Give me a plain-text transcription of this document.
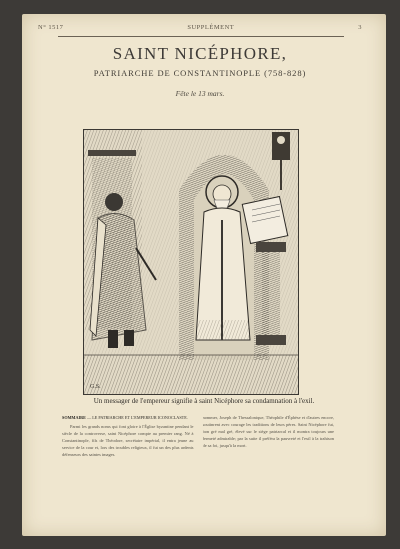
N° 1517	SUPPLÉMENT	3
SAINT NICÉPHORE,
PATRIARCHE DE CONSTANTINOPLE (758-828)
Fête le 13 mars.
G.S.
Un messager de l'empereur signifie à saint Nicéphore sa condamnation à l'exil.

SOMMAIRE — LE PATRIARCHE ET L'EMPEREUR ICONOCLASTE.

Parmi les grands noms qui font gloire à l'Église byzantine pendant le siècle de la controverse, saint Nicéphore compte au premier rang. Né à Constantinople, fils de Théodore, secrétaire impérial, il entra jeune au service de la cour et, lors des troubles religieux, il fut un des plus ardents défenseurs des saintes images.

nommer, Joseph de Thessalonique, Théophile d'Éphèse et d'autres encore, soutinrent avec courage les traditions de leurs pères. Saint Nicéphore fut, bon gré mal gré, élevé sur le siège patriarcal et il montra toujours une fermeté admirable; par la suite il préféra la pauvreté et l'exil à la trahison de sa foi, jusqu'à la mort.
